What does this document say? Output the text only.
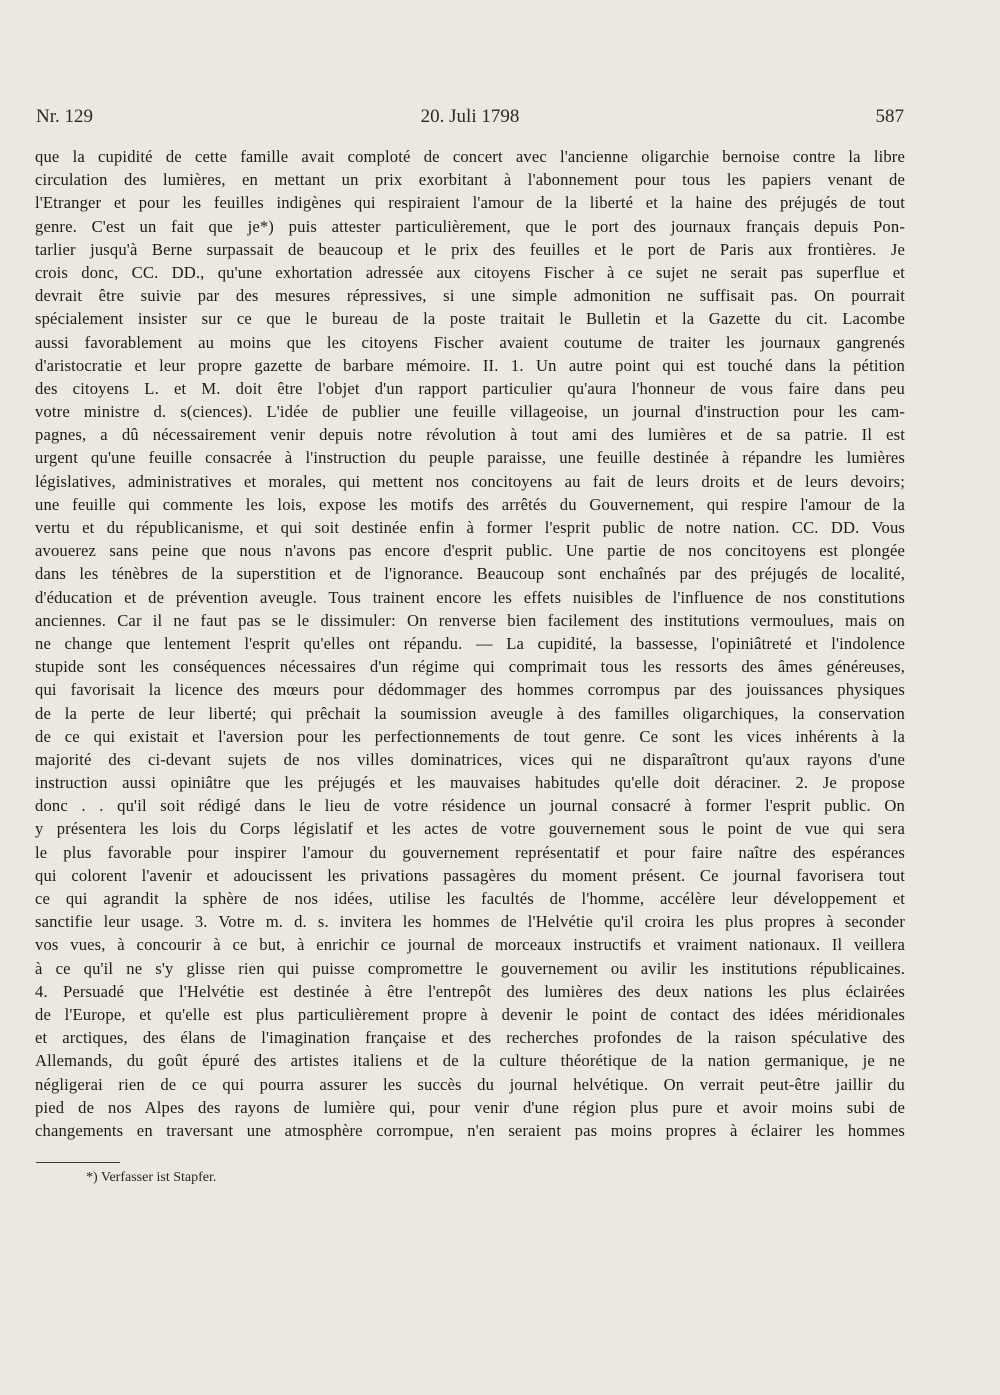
Nr. 129	20. Juli 1798	587
que la cupidité de cette famille avait comploté de concert avec l'ancienne oligarchie bernoise contre la libre
circulation des lumières, en mettant un prix exorbitant à l'abonnement pour tous les papiers venant de
l'Etranger et pour les feuilles indigènes qui respiraient l'amour de la liberté et la haine des préjugés de tout
genre. C'est un fait que je*) puis attester particulièrement, que le port des journaux français depuis Pon-
tarlier jusqu'à Berne surpassait de beaucoup et le prix des feuilles et le port de Paris aux frontières. Je
crois donc, CC. DD., qu'une exhortation adressée aux citoyens Fischer à ce sujet ne serait pas superflue et
devrait être suivie par des mesures répressives, si une simple admonition ne suffisait pas. On pourrait
spécialement insister sur ce que le bureau de la poste traitait le Bulletin et la Gazette du cit. Lacombe
aussi favorablement au moins que les citoyens Fischer avaient coutume de traiter les journaux gangrenés
d'aristocratie et leur propre gazette de barbare mémoire. II. 1. Un autre point qui est touché dans la pétition
des citoyens L. et M. doit être l'objet d'un rapport particulier qu'aura l'honneur de vous faire dans peu
votre ministre d. s(ciences). L'idée de publier une feuille villageoise, un journal d'instruction pour les cam-
pagnes, a dû nécessairement venir depuis notre révolution à tout ami des lumières et de sa patrie. Il est
urgent qu'une feuille consacrée à l'instruction du peuple paraisse, une feuille destinée à répandre les lumières
législatives, administratives et morales, qui mettent nos concitoyens au fait de leurs droits et de leurs devoirs;
une feuille qui commente les lois, expose les motifs des arrêtés du Gouvernement, qui respire l'amour de la
vertu et du républicanisme, et qui soit destinée enfin à former l'esprit public de notre nation. CC. DD. Vous
avouerez sans peine que nous n'avons pas encore d'esprit public. Une partie de nos concitoyens est plongée
dans les ténèbres de la superstition et de l'ignorance. Beaucoup sont enchaînés par des préjugés de localité,
d'éducation et de prévention aveugle. Tous trainent encore les effets nuisibles de l'influence de nos constitutions
anciennes. Car il ne faut pas se le dissimuler: On renverse bien facilement des institutions vermoulues, mais on
ne change que lentement l'esprit qu'elles ont répandu. — La cupidité, la bassesse, l'opiniâtreté et l'indolence
stupide sont les conséquences nécessaires d'un régime qui comprimait tous les ressorts des âmes généreuses,
qui favorisait la licence des mœurs pour dédommager des hommes corrompus par des jouissances physiques
de la perte de leur liberté; qui prêchait la soumission aveugle à des familles oligarchiques, la conservation
de ce qui existait et l'aversion pour les perfectionnements de tout genre. Ce sont les vices inhérents à la
majorité des ci-devant sujets de nos villes dominatrices, vices qui ne disparaîtront qu'aux rayons d'une
instruction aussi opiniâtre que les préjugés et les mauvaises habitudes qu'elle doit déraciner. 2. Je propose
donc . . qu'il soit rédigé dans le lieu de votre résidence un journal consacré à former l'esprit public. On
y présentera les lois du Corps législatif et les actes de votre gouvernement sous le point de vue qui sera
le plus favorable pour inspirer l'amour du gouvernement représentatif et pour faire naître des espérances
qui colorent l'avenir et adoucissent les privations passagères du moment présent. Ce journal favorisera tout
ce qui agrandit la sphère de nos idées, utilise les facultés de l'homme, accélère leur développement et
sanctifie leur usage. 3. Votre m. d. s. invitera les hommes de l'Helvétie qu'il croira les plus propres à seconder
vos vues, à concourir à ce but, à enrichir ce journal de morceaux instructifs et vraiment nationaux. Il veillera
à ce qu'il ne s'y glisse rien qui puisse compromettre le gouvernement ou avilir les institutions républicaines.
4. Persuadé que l'Helvétie est destinée à être l'entrepôt des lumières des deux nations les plus éclairées
de l'Europe, et qu'elle est plus particulièrement propre à devenir le point de contact des idées méridionales
et arctiques, des élans de l'imagination française et des recherches profondes de la raison spéculative des
Allemands, du goût épuré des artistes italiens et de la culture théorétique de la nation germanique, je ne
négligerai rien de ce qui pourra assurer les succès du journal helvétique. On verrait peut-être jaillir du
pied de nos Alpes des rayons de lumière qui, pour venir d'une région plus pure et avoir moins subi de
changements en traversant une atmosphère corrompue, n'en seraient pas moins propres à éclairer les hommes
*) Verfasser ist Stapfer.
